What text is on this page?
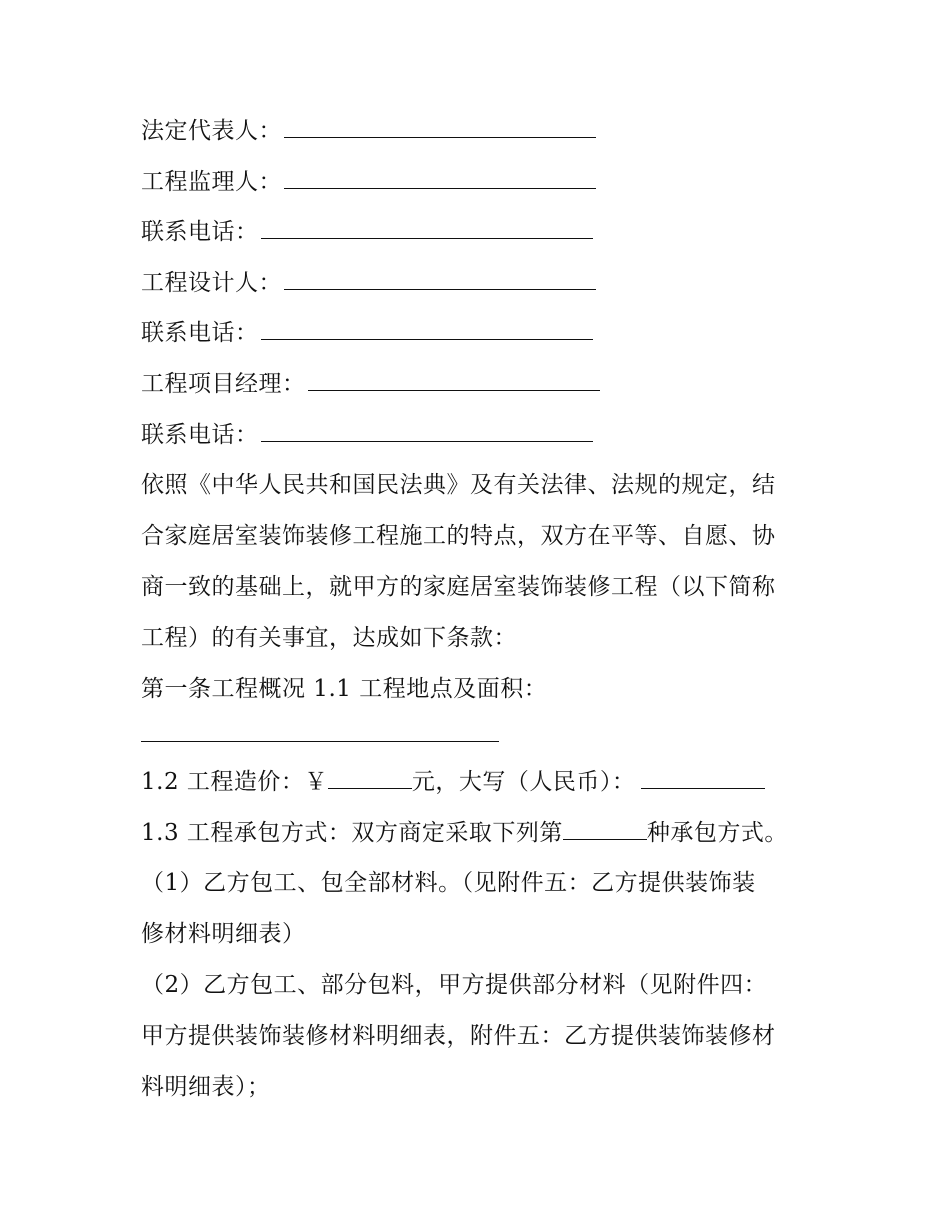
法定代表人：
工程监理人：
联系电话：
工程设计人：
联系电话：
工程项目经理：
联系电话：
依照《中华人民共和国民法典》及有关法律、法规的规定，结
合家庭居室装饰装修工程施工的特点，双方在平等、自愿、协
商一致的基础上，就甲方的家庭居室装饰装修工程（以下简称
工程）的有关事宜，达成如下条款：
第一条工程概况 1.1 工程地点及面积：
1.2 工程造价：￥	元，大写（人民币）：
1.3 工程承包方式：双方商定采取下列第	种承包方式。
（1）乙方包工、包全部材料。（见附件五：乙方提供装饰装
修材料明细表）
（2）乙方包工、部分包料，甲方提供部分材料（见附件四：
甲方提供装饰装修材料明细表，附件五：乙方提供装饰装修材
料明细表）；
